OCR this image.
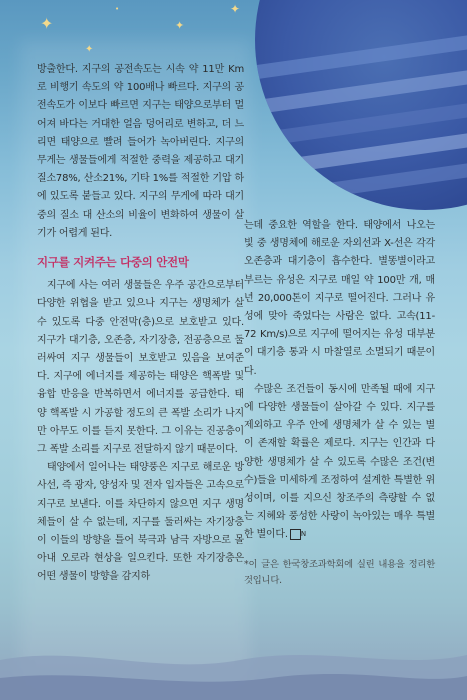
✦
✦
•
✦
✦

방출한다. 지구의 공전속도는 시속 약 11만 Km로 비행기 속도의 약 100배나 빠르다. 지구의 공전속도가 이보다 빠르면 지구는 태양으로부터 멀어져 바다는 거대한 얼음 덩어리로 변하고, 더 느리면 태양으로 빨려 들어가 녹아버린다. 지구의 무게는 생물들에게 적절한 중력을 제공하고 대기 질소78%, 산소21%, 기타 1%를 적절한 기압 하에 있도록 붙들고 있다. 지구의 무게에 따라 대기 중의 질소 대 산소의 비율이 변화하여 생물이 살기가 어렵게 된다.

지구를 지켜주는 다중의 안전막

지구에 사는 여러 생물들은 우주 공간으로부터 다양한 위협을 받고 있으나 지구는 생명체가 살 수 있도록 다중 안전막(층)으로 보호받고 있다. 지구가 대기층, 오존층, 자기장층, 전공층으로 둘러싸여 지구 생물들이 보호받고 있음을 보여준다. 지구에 에너지를 제공하는 태양은 핵폭발 및 융합 반응을 반복하면서 에너지를 공급한다. 태양 핵폭발 시 가공할 정도의 큰 폭발 소리가 나지만 아무도 이를 듣지 못한다. 그 이유는 진공층이 그 폭발 소리를 지구로 전달하지 않기 때문이다.

태양에서 일어나는 태양풍은 지구로 해로운 방사선, 즉 광자, 양성자 및 전자 입자들은 고속으로 지구로 보낸다. 이를 차단하지 않으면 지구 생명체들이 살 수 없는데, 지구를 둘러싸는 자기장층이 이들의 방향을 틀어 북극과 남극 자방으로 몰아내 오로라 현상을 일으킨다. 또한 자기장층은 어떤 생물이 방향을 감지하

는데 중요한 역할을 한다. 태양에서 나오는 빛 중 생명체에 해로운 자외선과 X-선은 각각 오존층과 대기층이 흡수한다. 별똥별이라고 부르는 유성은 지구로 매일 약 100만 개, 매년 20,000톤이 지구로 떨어진다. 그러나 유성에 맞아 죽었다는 사람은 없다. 고속(11-72 Km/s)으로 지구에 떨어지는 유성 대부분이 대기층 통과 시 마찰열로 소멸되기 때문이다.

수많은 조건들이 동시에 만족될 때에 지구에 다양한 생물들이 살아갈 수 있다. 지구를 제외하고 우주 안에 생명체가 살 수 있는 별이 존재할 확률은 제로다. 지구는 인간과 다양한 생명체가 살 수 있도록 수많은 조건(변수)들을 미세하게 조정하여 설계한 특별한 위성이며, 이를 지으신 창조주의 측량할 수 없는 지혜와 풍성한 사랑이 녹아있는 매우 특별한 별이다. N

*이 글은 한국창조과학회에 실린 내용을 정리한 것입니다.
